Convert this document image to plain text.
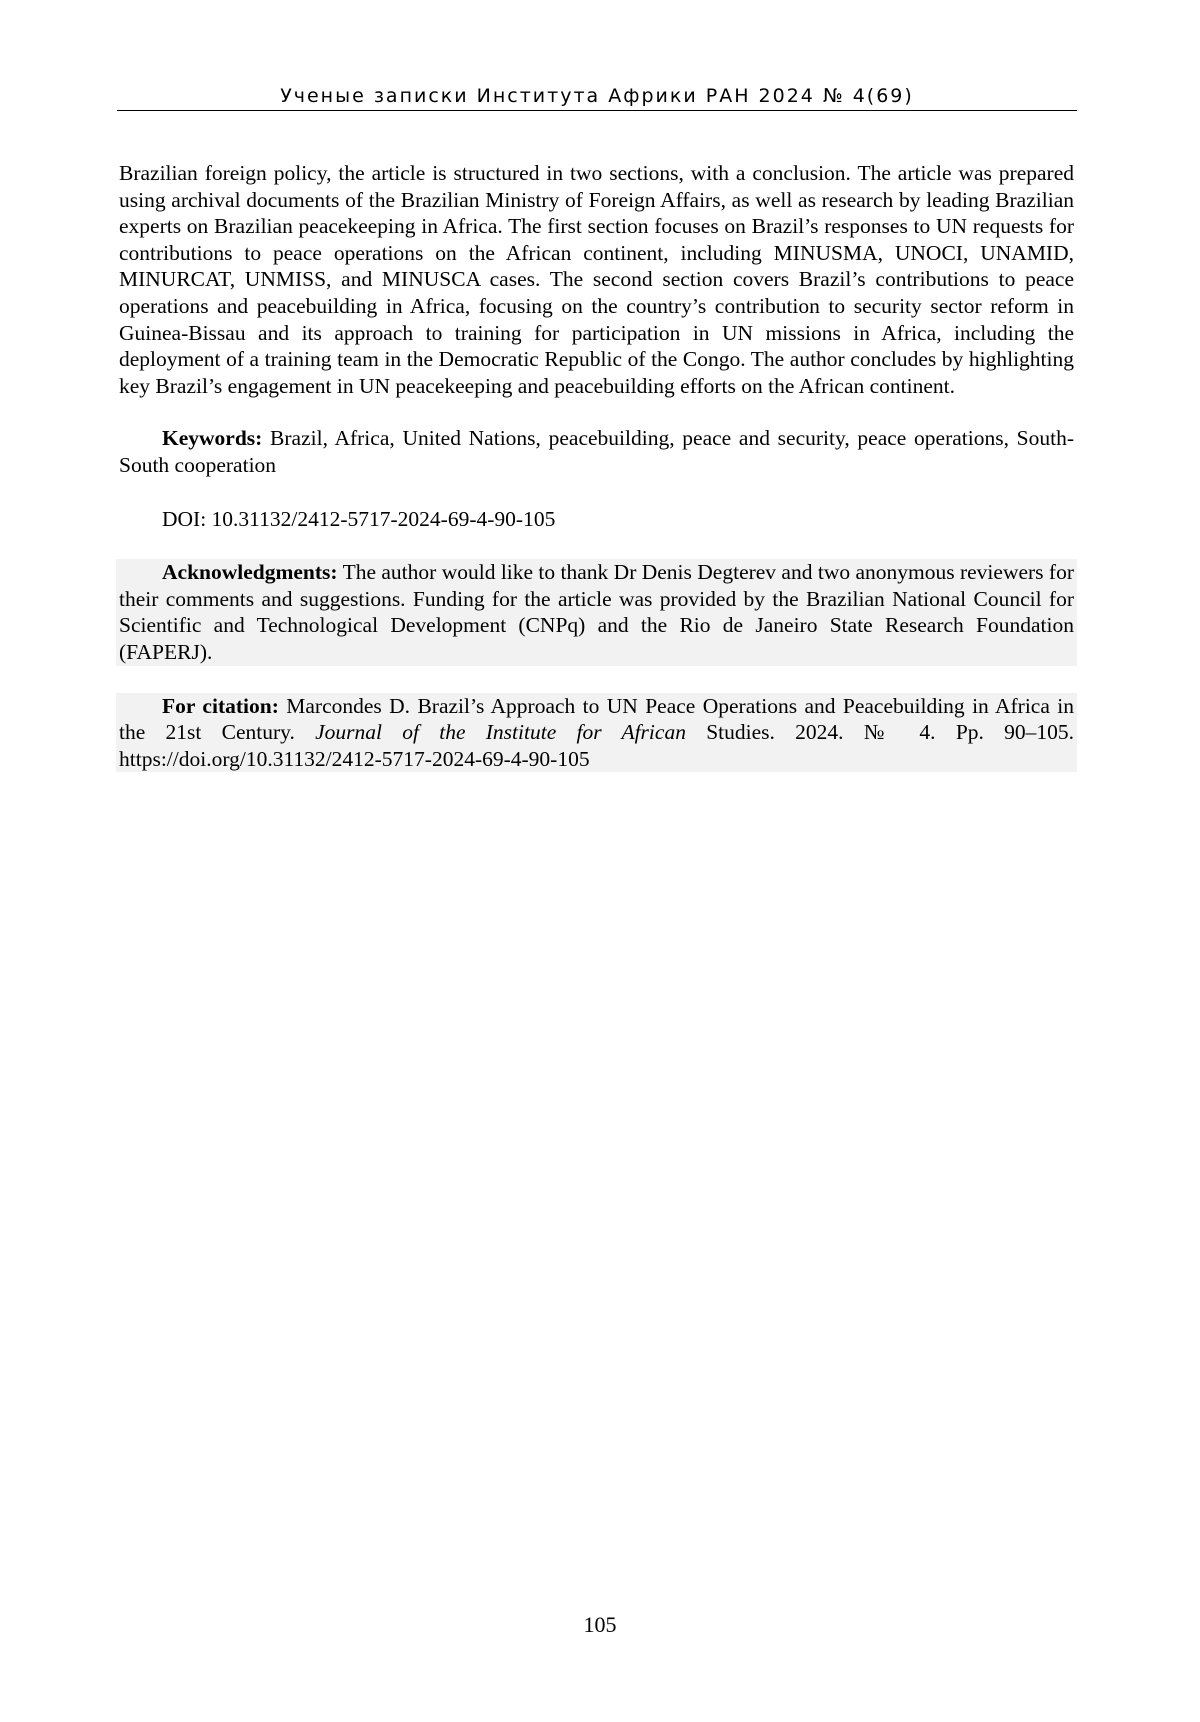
Ученые записки Института Африки РАН 2024 № 4(69)

Brazilian foreign policy, the article is structured in two sections, with a conclusion. The article was prepared using archival documents of the Brazilian Ministry of Foreign Affairs, as well as research by leading Brazilian experts on Brazilian peacekeeping in Africa. The first section focuses on Brazil’s responses to UN requests for contributions to peace operations on the African continent, including MINUSMA, UNOCI, UNAMID, MINURCAT, UNMISS, and MINUSCA cases. The second section covers Brazil’s contributions to peace operations and peacebuilding in Africa, focusing on the country’s contribution to security sector reform in Guinea-Bissau and its approach to training for participation in UN missions in Africa, including the deployment of a training team in the Democratic Republic of the Congo. The author concludes by highlighting key Brazil’s engagement in UN peacekeeping and peacebuilding efforts on the African continent.

Keywords: Brazil, Africa, United Nations, peacebuilding, peace and security, peace operations, South-South cooperation

DOI: 10.31132/2412-5717-2024-69-4-90-105

Acknowledgments: The author would like to thank Dr Denis Degterev and two anonymous reviewers for their comments and suggestions. Funding for the article was provided by the Brazilian National Council for Scientific and Technological Development (CNPq) and the Rio de Janeiro State Research Foundation (FAPERJ).

For citation: Marcondes D. Brazil’s Approach to UN Peace Operations and Peacebuilding in Africa in the 21st Century. Journal of the Institute for African Studies. 2024. № 4. Pp. 90–105. https://doi.org/10.31132/2412-5717-2024-69-4-90-105

105
